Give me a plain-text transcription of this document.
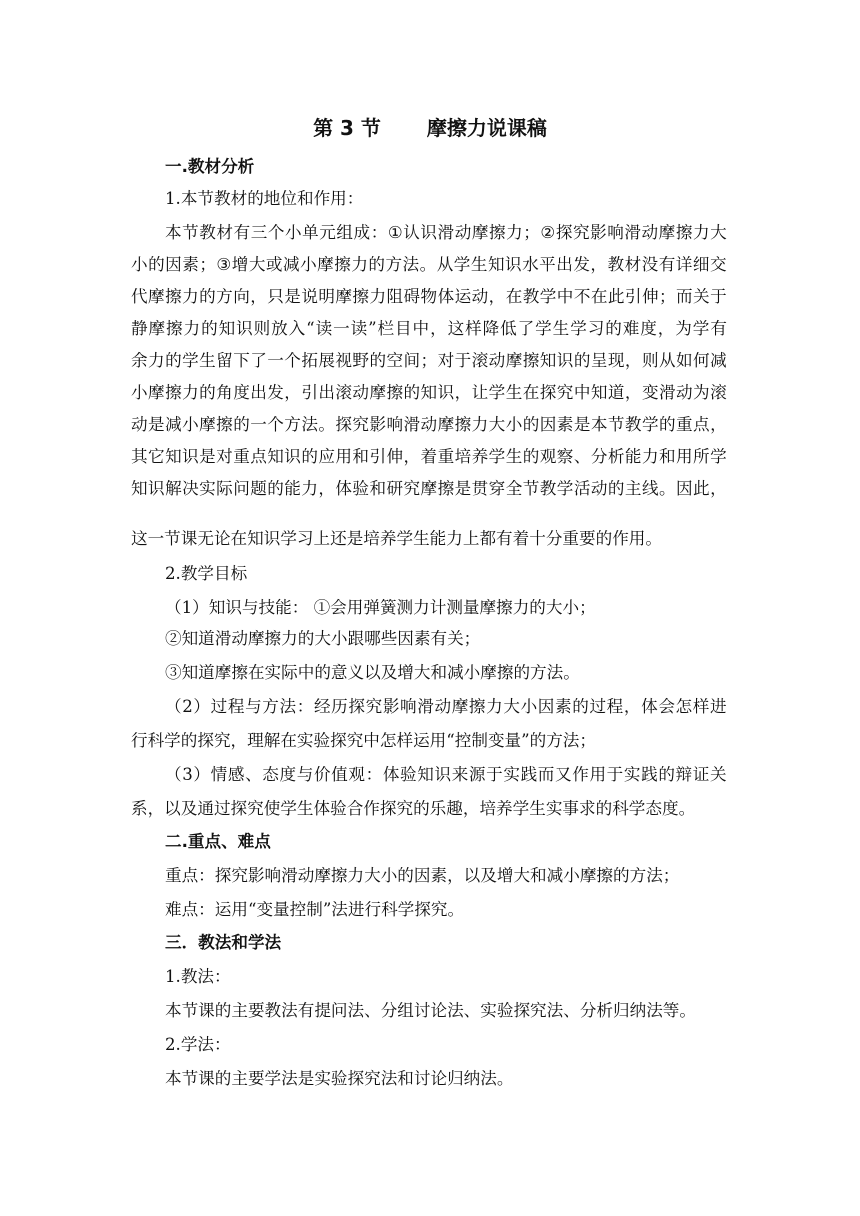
第 3 节 摩擦力说课稿
一.教材分析
1.本节教材的地位和作用：
本 节 教 材 有 三 个 小 单 元 组 成 ： ① 认 识 滑 动 摩 擦 力 ； ② 探 究 影 响 滑 动 摩 擦 力 大
小 的 因 素 ； ③ 增 大 或 减 小 摩 擦 力 的 方 法 。 从 学 生 知 识 水 平 出 发 ， 教 材 没 有 详 细 交
代 摩 擦 力 的 方 向 ， 只 是 说 明 摩 擦 力 阻 碍 物 体 运 动 ， 在 教 学 中 不 在 此 引 伸 ； 而 关 于
静 摩 擦 力 的 知 识 则 放 入 “ 读 一 读 ” 栏 目 中 ， 这 样 降 低 了 学 生 学 习 的 难 度 ， 为 学 有
余 力 的 学 生 留 下 了 一 个 拓 展 视 野 的 空 间 ； 对 于 滚 动 摩 擦 知 识 的 呈 现 ， 则 从 如 何 减
小 摩 擦 力 的 角 度 出 发 ， 引 出 滚 动 摩 擦 的 知 识 ， 让 学 生 在 探 究 中 知 道 ， 变 滑 动 为 滚
动 是 减 小 摩 擦 的 一 个 方 法 。 探 究 影 响 滑 动 摩 擦 力 大 小 的 因 素 是 本 节 教 学 的 重 点 ，
其 它 知 识 是 对 重 点 知 识 的 应 用 和 引 伸 ， 着 重 培 养 学 生 的 观 察 、 分 析 能 力 和 用 所 学
知 识 解 决 实 际 问 题 的 能 力 ， 体 验 和 研 究 摩 擦 是 贯 穿 全 节 教 学 活 动 的 主 线 。 因 此 ，
这一节课无论在知识学习上还是培养学生能力上都有着十分重要的作用。
2.教学目标
（1）知识与技能： ①会用弹簧测力计测量摩擦力的大小；
②知道滑动摩擦力的大小跟哪些因素有关；
③知道摩擦在实际中的意义以及增大和减小摩擦的方法。
（ 2 ） 过 程 与 方 法 ： 经 历 探 究 影 响 滑 动 摩 擦 力 大 小 因 素 的 过 程 ， 体 会 怎 样 进
行科学的探究，理解在实验探究中怎样运用“控制变量”的方法；
（ 3 ） 情 感 、 态 度 与 价 值 观 ： 体 验 知 识 来 源 于 实 践 而 又 作 用 于 实 践 的 辩 证 关
系，以及通过探究使学生体验合作探究的乐趣，培养学生实事求的科学态度。
二.重点、难点
重点：探究影响滑动摩擦力大小的因素，以及增大和减小摩擦的方法；
难点：运用“变量控制”法进行科学探究。
三．教法和学法
1.教法：
本节课的主要教法有提问法、分组讨论法、实验探究法、分析归纳法等。
2.学法：
本节课的主要学法是实验探究法和讨论归纳法。
